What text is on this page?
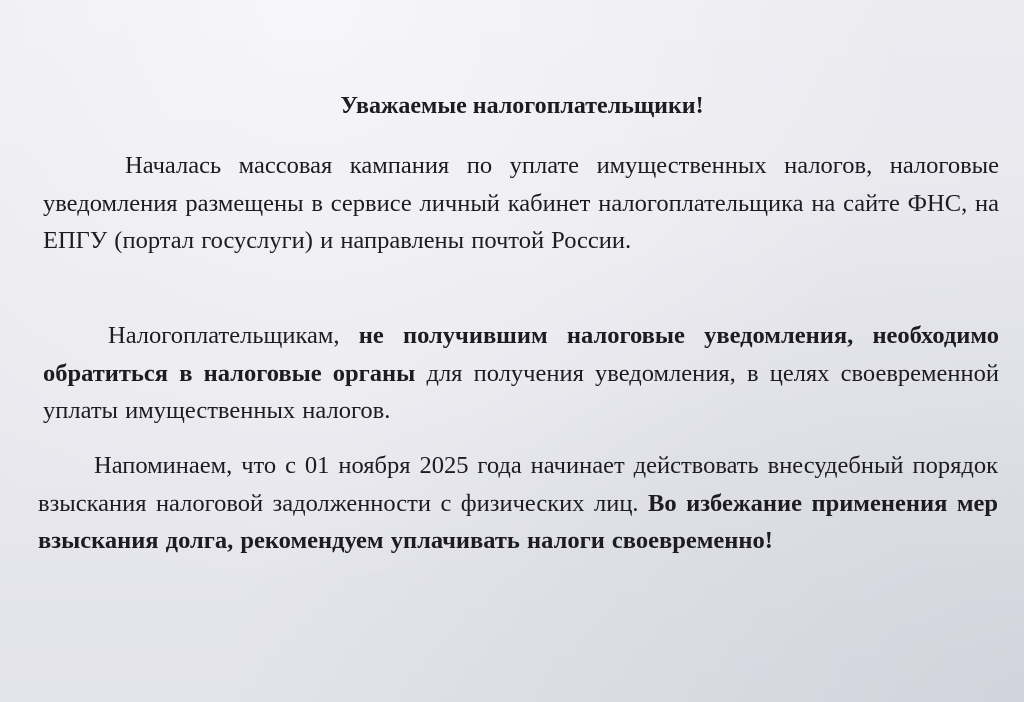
Уважаемые налогоплательщики!

Началась массовая кампания по уплате имущественных налогов, налоговые уведомления размещены в сервисе личный кабинет налогоплательщика на сайте ФНС, на ЕПГУ (портал госуслуги) и направлены почтой России.

Налогоплательщикам, не получившим налоговые уведомления, необходимо обратиться в налоговые органы для получения уведомления, в целях своевременной уплаты имущественных налогов.

Напоминаем, что с 01 ноября 2025 года начинает действовать внесудебный порядок взыскания налоговой задолженности с физических лиц. Во избежание применения мер взыскания долга, рекомендуем уплачивать налоги своевременно!
